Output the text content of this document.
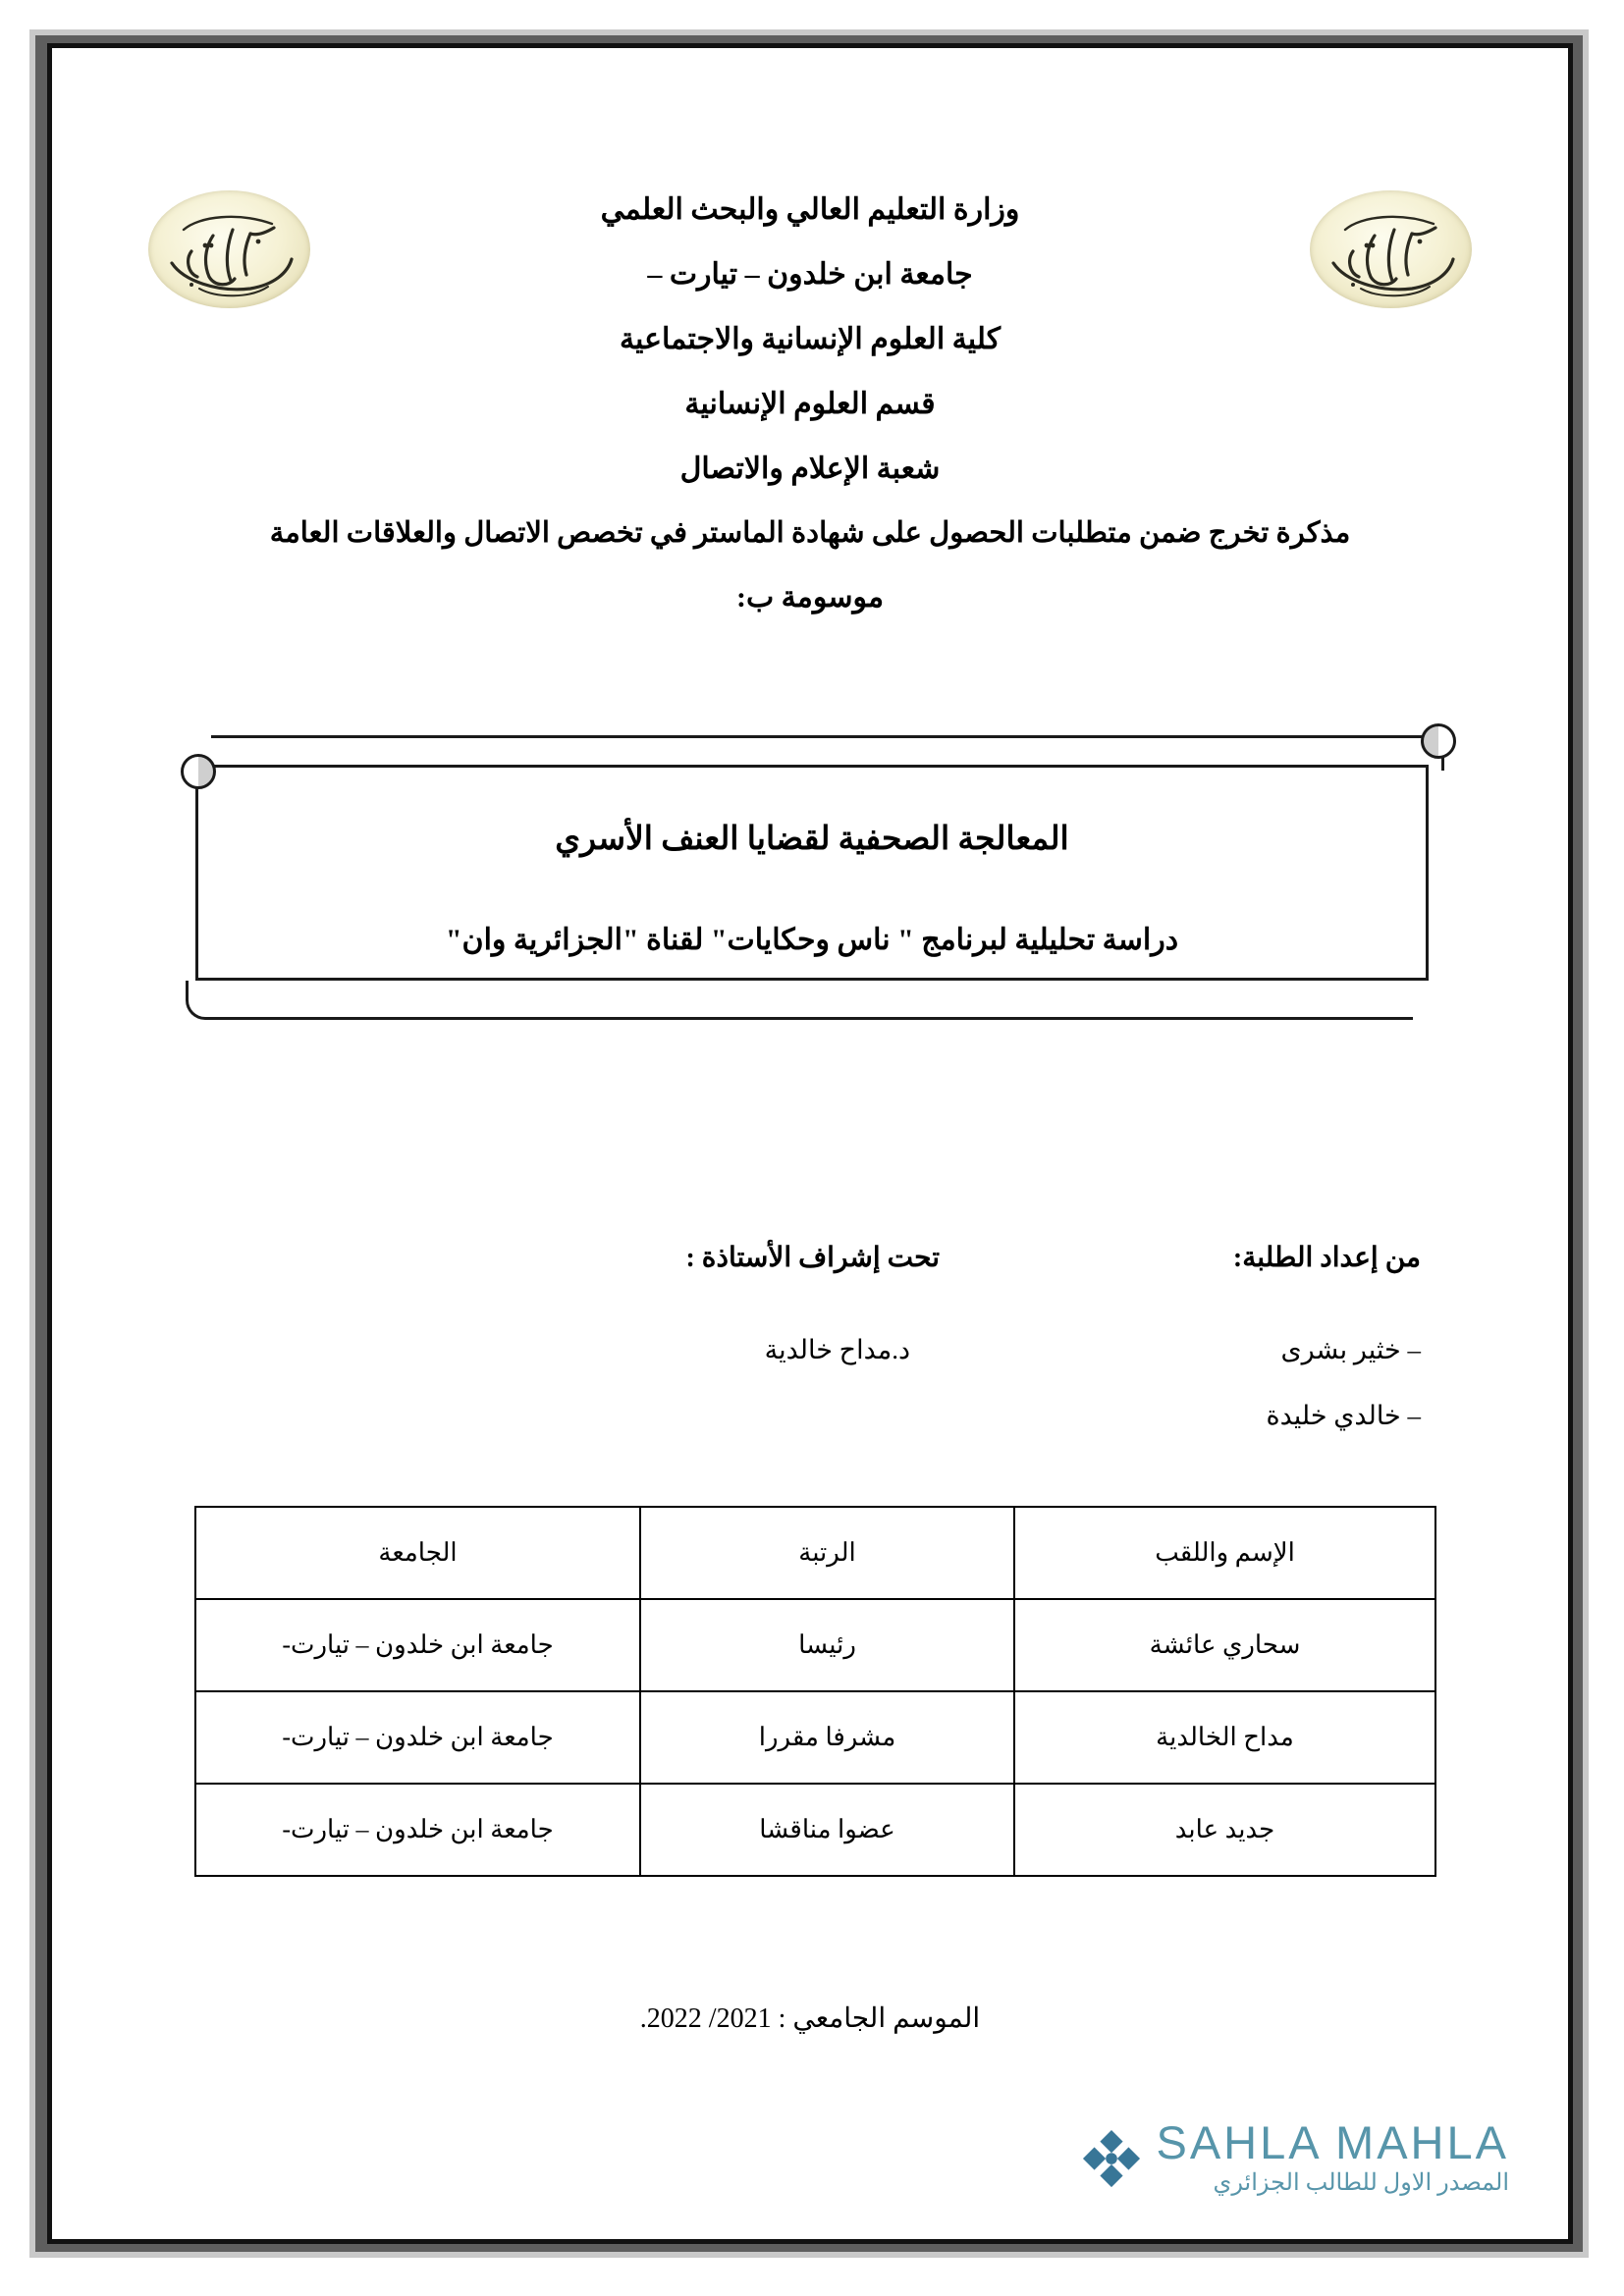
وزارة التعليم العالي والبحث العلمي

جامعة ابن خلدون – تيارت –

كلية العلوم الإنسانية والاجتماعية

قسم العلوم الإنسانية

شعبة الإعلام والاتصال

مذكرة تخرج ضمن متطلبات الحصول على شهادة الماستر في تخصص الاتصال والعلاقات العامة

موسومة ب:

المعالجة الصحفية لقضايا العنف الأسري

دراسة تحليلية لبرنامج " ناس وحكايات" لقناة "الجزائرية وان"

من إعداد الطلبة:

– خثير بشرى

– خالدي خليدة

تحت إشراف الأستاذة :

د.مداح خالدية

الإسم واللقب	الرتبة	الجامعة
سحاري عائشة	رئيسا	جامعة ابن خلدون – تيارت-
مداح الخالدية	مشرفا مقررا	جامعة ابن خلدون – تيارت-
جديد عابد	عضوا مناقشا	جامعة ابن خلدون – تيارت-
الموسم الجامعي : 2021/ 2022.
SAHLA MAHLA
المصدر الاول للطالب الجزائري
